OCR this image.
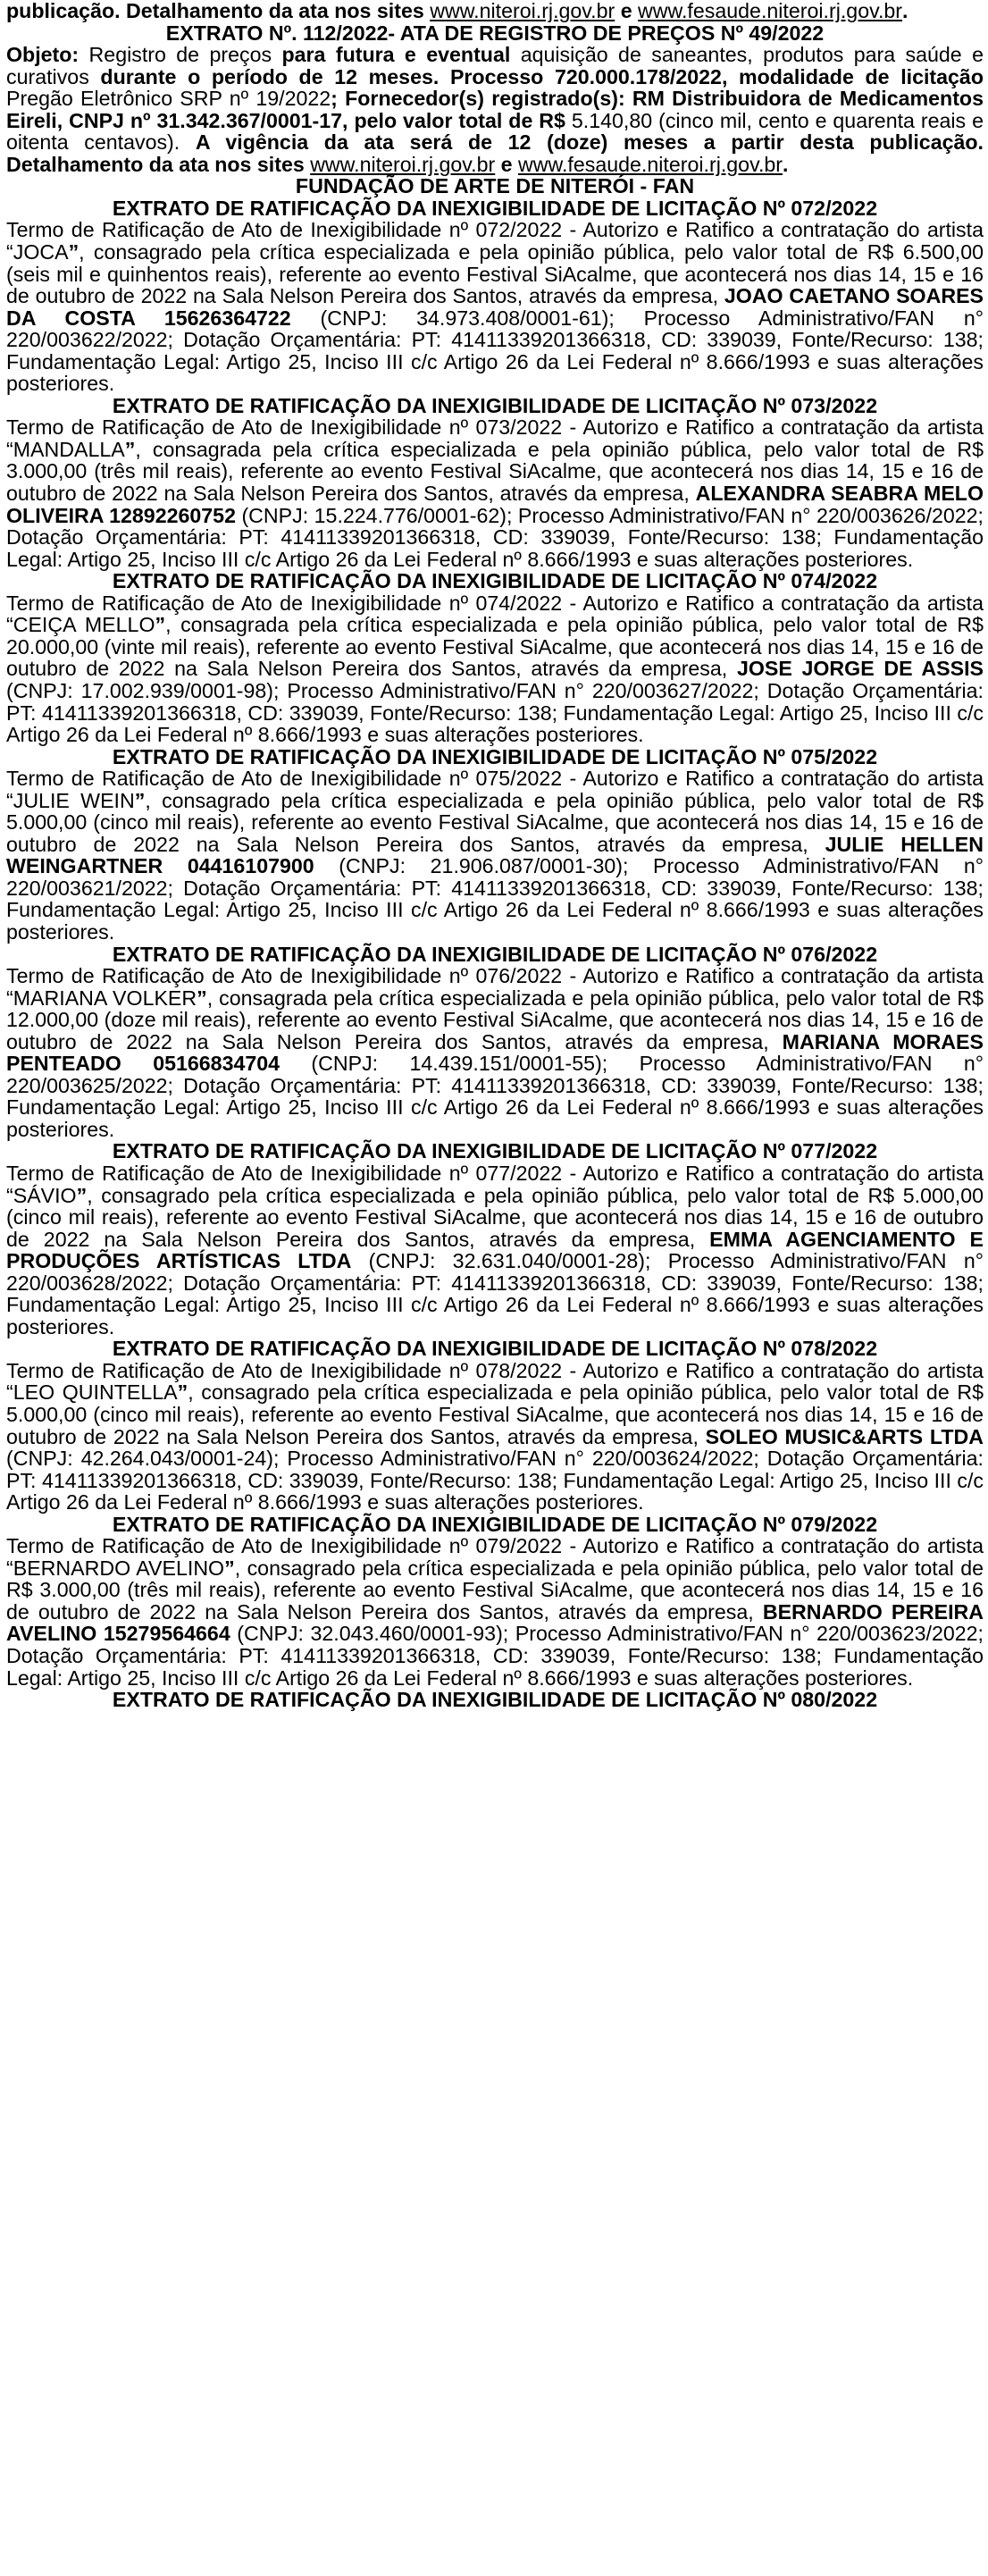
publicação. Detalhamento da ata nos sites www.niteroi.rj.gov.br e www.fesaude.niteroi.rj.gov.br.
EXTRATO Nº. 112/2022- ATA DE REGISTRO DE PREÇOS Nº 49/2022
Objeto: Registro de preços para futura e eventual aquisição de saneantes, produtos para saúde e curativos durante o período de 12 meses. Processo 720.000.178/2022, modalidade de licitação Pregão Eletrônico SRP nº 19/2022; Fornecedor(s) registrado(s): RM Distribuidora de Medicamentos Eireli, CNPJ nº 31.342.367/0001-17, pelo valor total de R$ 5.140,80 (cinco mil, cento e quarenta reais e oitenta centavos). A vigência da ata será de 12 (doze) meses a partir desta publicação. Detalhamento da ata nos sites www.niteroi.rj.gov.br e www.fesaude.niteroi.rj.gov.br.
FUNDAÇÃO DE ARTE DE NITERÓI - FAN
EXTRATO DE RATIFICAÇÃO DA INEXIGIBILIDADE DE LICITAÇÃO Nº 072/2022
Termo de Ratificação de Ato de Inexigibilidade nº 072/2022 - Autorizo e Ratifico a contratação do artista “JOCA”, consagrado pela crítica especializada e pela opinião pública, pelo valor total de R$ 6.500,00 (seis mil e quinhentos reais), referente ao evento Festival SiAcalme, que acontecerá nos dias 14, 15 e 16 de outubro de 2022 na Sala Nelson Pereira dos Santos, através da empresa, JOAO CAETANO SOARES DA COSTA 15626364722 (CNPJ: 34.973.408/0001-61); Processo Administrativo/FAN n° 220/003622/2022; Dotação Orçamentária: PT: 41411339201366318, CD: 339039, Fonte/Recurso: 138; Fundamentação Legal: Artigo 25, Inciso III c/c Artigo 26 da Lei Federal nº 8.666/1993 e suas alterações posteriores.
EXTRATO DE RATIFICAÇÃO DA INEXIGIBILIDADE DE LICITAÇÃO Nº 073/2022
Termo de Ratificação de Ato de Inexigibilidade nº 073/2022 - Autorizo e Ratifico a contratação da artista “MANDALLA”, consagrada pela crítica especializada e pela opinião pública, pelo valor total de R$ 3.000,00 (três mil reais), referente ao evento Festival SiAcalme, que acontecerá nos dias 14, 15 e 16 de outubro de 2022 na Sala Nelson Pereira dos Santos, através da empresa, ALEXANDRA SEABRA MELO OLIVEIRA 12892260752 (CNPJ: 15.224.776/0001-62); Processo Administrativo/FAN n° 220/003626/2022; Dotação Orçamentária: PT: 41411339201366318, CD: 339039, Fonte/Recurso: 138; Fundamentação Legal: Artigo 25, Inciso III c/c Artigo 26 da Lei Federal nº 8.666/1993 e suas alterações posteriores.
EXTRATO DE RATIFICAÇÃO DA INEXIGIBILIDADE DE LICITAÇÃO Nº 074/2022
Termo de Ratificação de Ato de Inexigibilidade nº 074/2022 - Autorizo e Ratifico a contratação da artista “CEIÇA MELLO”, consagrada pela crítica especializada e pela opinião pública, pelo valor total de R$ 20.000,00 (vinte mil reais), referente ao evento Festival SiAcalme, que acontecerá nos dias 14, 15 e 16 de outubro de 2022 na Sala Nelson Pereira dos Santos, através da empresa, JOSE JORGE DE ASSIS (CNPJ: 17.002.939/0001-98); Processo Administrativo/FAN n° 220/003627/2022; Dotação Orçamentária: PT: 41411339201366318, CD: 339039, Fonte/Recurso: 138; Fundamentação Legal: Artigo 25, Inciso III c/c Artigo 26 da Lei Federal nº 8.666/1993 e suas alterações posteriores.
EXTRATO DE RATIFICAÇÃO DA INEXIGIBILIDADE DE LICITAÇÃO Nº 075/2022
Termo de Ratificação de Ato de Inexigibilidade nº 075/2022 - Autorizo e Ratifico a contratação do artista “JULIE WEIN”, consagrado pela crítica especializada e pela opinião pública, pelo valor total de R$ 5.000,00 (cinco mil reais), referente ao evento Festival SiAcalme, que acontecerá nos dias 14, 15 e 16 de outubro de 2022 na Sala Nelson Pereira dos Santos, através da empresa, JULIE HELLEN WEINGARTNER 04416107900 (CNPJ: 21.906.087/0001-30); Processo Administrativo/FAN n° 220/003621/2022; Dotação Orçamentária: PT: 41411339201366318, CD: 339039, Fonte/Recurso: 138; Fundamentação Legal: Artigo 25, Inciso III c/c Artigo 26 da Lei Federal nº 8.666/1993 e suas alterações posteriores.
EXTRATO DE RATIFICAÇÃO DA INEXIGIBILIDADE DE LICITAÇÃO Nº 076/2022
Termo de Ratificação de Ato de Inexigibilidade nº 076/2022 - Autorizo e Ratifico a contratação da artista “MARIANA VOLKER”, consagrada pela crítica especializada e pela opinião pública, pelo valor total de R$ 12.000,00 (doze mil reais), referente ao evento Festival SiAcalme, que acontecerá nos dias 14, 15 e 16 de outubro de 2022 na Sala Nelson Pereira dos Santos, através da empresa, MARIANA MORAES PENTEADO 05166834704 (CNPJ: 14.439.151/0001-55); Processo Administrativo/FAN n° 220/003625/2022; Dotação Orçamentária: PT: 41411339201366318, CD: 339039, Fonte/Recurso: 138; Fundamentação Legal: Artigo 25, Inciso III c/c Artigo 26 da Lei Federal nº 8.666/1993 e suas alterações posteriores.
EXTRATO DE RATIFICAÇÃO DA INEXIGIBILIDADE DE LICITAÇÃO Nº 077/2022
Termo de Ratificação de Ato de Inexigibilidade nº 077/2022 - Autorizo e Ratifico a contratação do artista “SÁVIO”, consagrado pela crítica especializada e pela opinião pública, pelo valor total de R$ 5.000,00 (cinco mil reais), referente ao evento Festival SiAcalme, que acontecerá nos dias 14, 15 e 16 de outubro de 2022 na Sala Nelson Pereira dos Santos, através da empresa, EMMA AGENCIAMENTO E PRODUÇÕES ARTÍSTICAS LTDA (CNPJ: 32.631.040/0001-28); Processo Administrativo/FAN n° 220/003628/2022; Dotação Orçamentária: PT: 41411339201366318, CD: 339039, Fonte/Recurso: 138; Fundamentação Legal: Artigo 25, Inciso III c/c Artigo 26 da Lei Federal nº 8.666/1993 e suas alterações posteriores.
EXTRATO DE RATIFICAÇÃO DA INEXIGIBILIDADE DE LICITAÇÃO Nº 078/2022
Termo de Ratificação de Ato de Inexigibilidade nº 078/2022 - Autorizo e Ratifico a contratação do artista “LEO QUINTELLA”, consagrado pela crítica especializada e pela opinião pública, pelo valor total de R$ 5.000,00 (cinco mil reais), referente ao evento Festival SiAcalme, que acontecerá nos dias 14, 15 e 16 de outubro de 2022 na Sala Nelson Pereira dos Santos, através da empresa, SOLEO MUSIC&ARTS LTDA (CNPJ: 42.264.043/0001-24); Processo Administrativo/FAN n° 220/003624/2022; Dotação Orçamentária: PT: 41411339201366318, CD: 339039, Fonte/Recurso: 138; Fundamentação Legal: Artigo 25, Inciso III c/c Artigo 26 da Lei Federal nº 8.666/1993 e suas alterações posteriores.
EXTRATO DE RATIFICAÇÃO DA INEXIGIBILIDADE DE LICITAÇÃO Nº 079/2022
Termo de Ratificação de Ato de Inexigibilidade nº 079/2022 - Autorizo e Ratifico a contratação do artista “BERNARDO AVELINO”, consagrado pela crítica especializada e pela opinião pública, pelo valor total de R$ 3.000,00 (três mil reais), referente ao evento Festival SiAcalme, que acontecerá nos dias 14, 15 e 16 de outubro de 2022 na Sala Nelson Pereira dos Santos, através da empresa, BERNARDO PEREIRA AVELINO 15279564664 (CNPJ: 32.043.460/0001-93); Processo Administrativo/FAN n° 220/003623/2022; Dotação Orçamentária: PT: 41411339201366318, CD: 339039, Fonte/Recurso: 138; Fundamentação Legal: Artigo 25, Inciso III c/c Artigo 26 da Lei Federal nº 8.666/1993 e suas alterações posteriores.
EXTRATO DE RATIFICAÇÃO DA INEXIGIBILIDADE DE LICITAÇÃO Nº 080/2022
